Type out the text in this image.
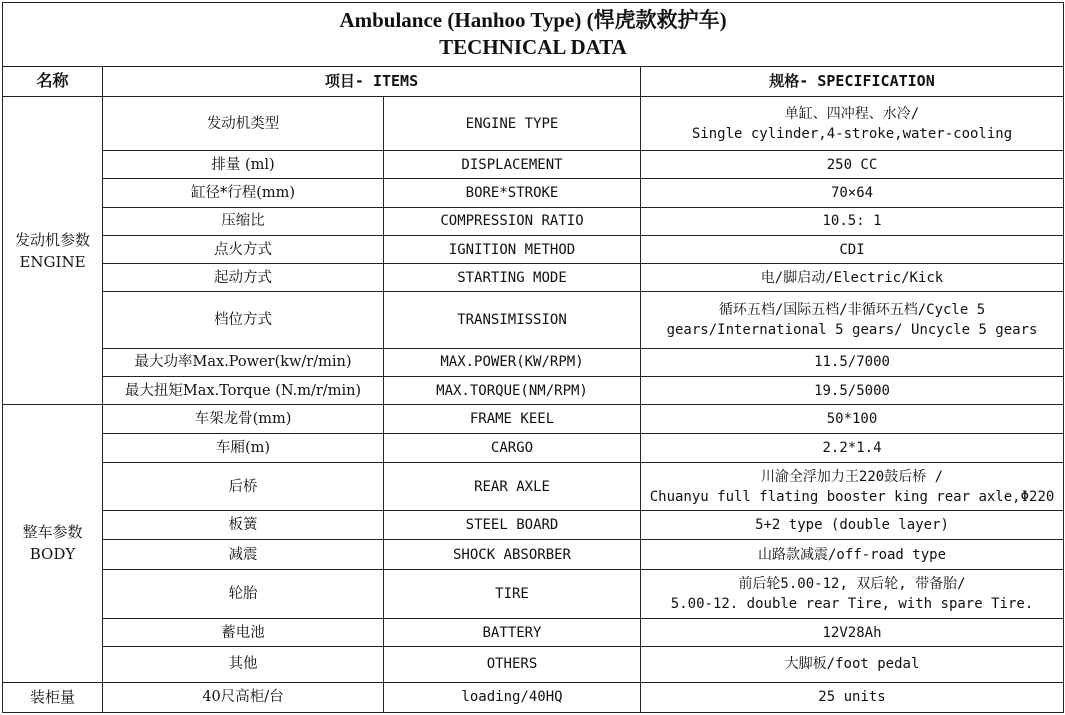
Ambulance (Hanhoo Type) (悍虎款救护车)
TECHNICAL DATA			

名称	项目- ITEMS		规格- SPECIFICATION

发动机参数
ENGINE	发动机类型	ENGINE TYPE	单缸、四冲程、水冷/
Single cylinder,4-stroke,water-cooling

	排量 (ml)	DISPLACEMENT	250 CC
	缸径*行程(mm)	BORE*STROKE	70×64
	压缩比	COMPRESSION RATIO	10.5: 1
	点火方式	IGNITION METHOD	CDI
	起动方式	STARTING MODE	电/脚启动/Electric/Kick
	档位方式	TRANSIMISSION	循环五档/国际五档/非循环五档/Cycle 5
gears/International 5 gears/ Uncycle 5 gears

	最大功率Max.Power(kw/r/min)	MAX.POWER(KW/RPM)	11.5/7000
	最大扭矩Max.Torque (N.m/r/min)	MAX.TORQUE(NM/RPM)	19.5/5000

整车参数
BODY	车架龙骨(mm)	FRAME KEEL	50*100
	车厢(m)	CARGO	2.2*1.4
	后桥	REAR AXLE	川渝全浮加力王220鼓后桥 /
Chuanyu full flating booster king rear axle,Φ220

	板簧	STEEL BOARD	5+2 type (double layer)
	减震	SHOCK ABSORBER	山路款减震/off-road type
	轮胎	TIRE	前后轮5.00-12, 双后轮, 带备胎/
5.00-12. double rear Tire, with spare Tire.

	蓄电池	BATTERY	12V28Ah
	其他	OTHERS	大脚板/foot pedal
装柜量	40尺高柜/台	loading/40HQ	25 units
